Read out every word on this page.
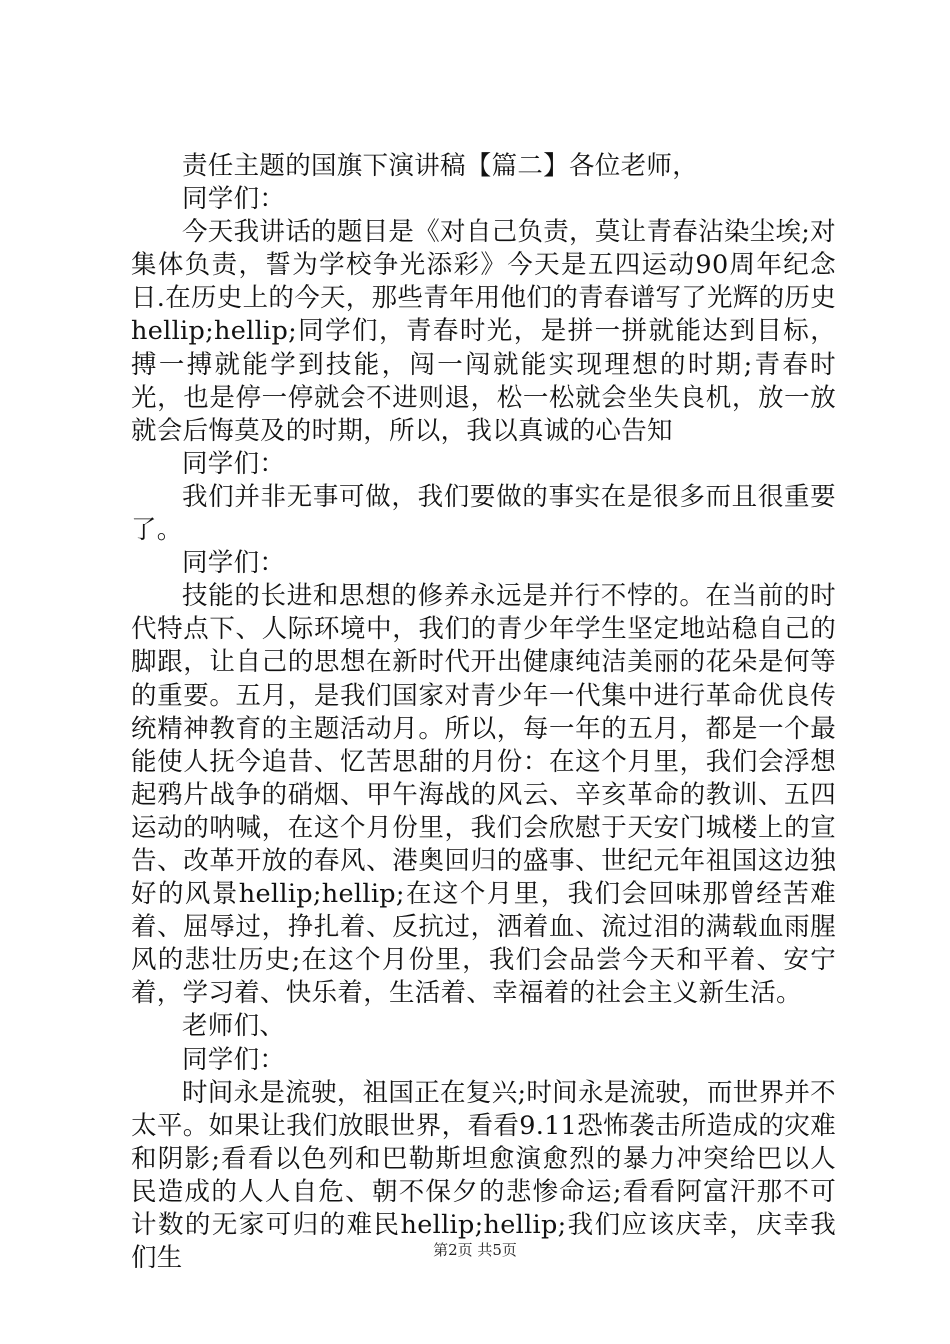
责任主题的国旗下演讲稿【篇二】各位老师，

同学们：

今天我讲话的题目是《对自己负责，莫让青春沾染尘埃;对集体负责，誓为学校争光添彩》今天是五四运动90周年纪念日.在历史上的今天，那些青年用他们的青春谱写了光辉的历史hellip;hellip;同学们，青春时光，是拼一拼就能达到目标，搏一搏就能学到技能，闯一闯就能实现理想的时期;青春时光，也是停一停就会不进则退，松一松就会坐失良机，放一放就会后悔莫及的时期，所以，我以真诚的心告知

同学们：

我们并非无事可做，我们要做的事实在是很多而且很重要了。

同学们：

技能的长进和思想的修养永远是并行不悖的。在当前的时代特点下、人际环境中，我们的青少年学生坚定地站稳自己的脚跟，让自己的思想在新时代开出健康纯洁美丽的花朵是何等的重要。五月，是我们国家对青少年一代集中进行革命优良传统精神教育的主题活动月。所以，每一年的五月，都是一个最能使人抚今追昔、忆苦思甜的月份：在这个月里，我们会浮想起鸦片战争的硝烟、甲午海战的风云、辛亥革命的教训、五四运动的呐喊，在这个月份里，我们会欣慰于天安门城楼上的宣告、改革开放的春风、港奥回归的盛事、世纪元年祖国这边独好的风景hellip;hellip;在这个月里，我们会回味那曾经苦难着、屈辱过，挣扎着、反抗过，洒着血、流过泪的满载血雨腥风的悲壮历史;在这个月份里，我们会品尝今天和平着、安宁着，学习着、快乐着，生活着、幸福着的社会主义新生活。

老师们、

同学们：

时间永是流驶，祖国正在复兴;时间永是流驶，而世界并不太平。如果让我们放眼世界，看看9.11恐怖袭击所造成的灾难和阴影;看看以色列和巴勒斯坦愈演愈烈的暴力冲突给巴以人民造成的人人自危、朝不保夕的悲惨命运;看看阿富汗那不可计数的无家可归的难民hellip;hellip;我们应该庆幸，庆幸我们生	第2页 共5页
